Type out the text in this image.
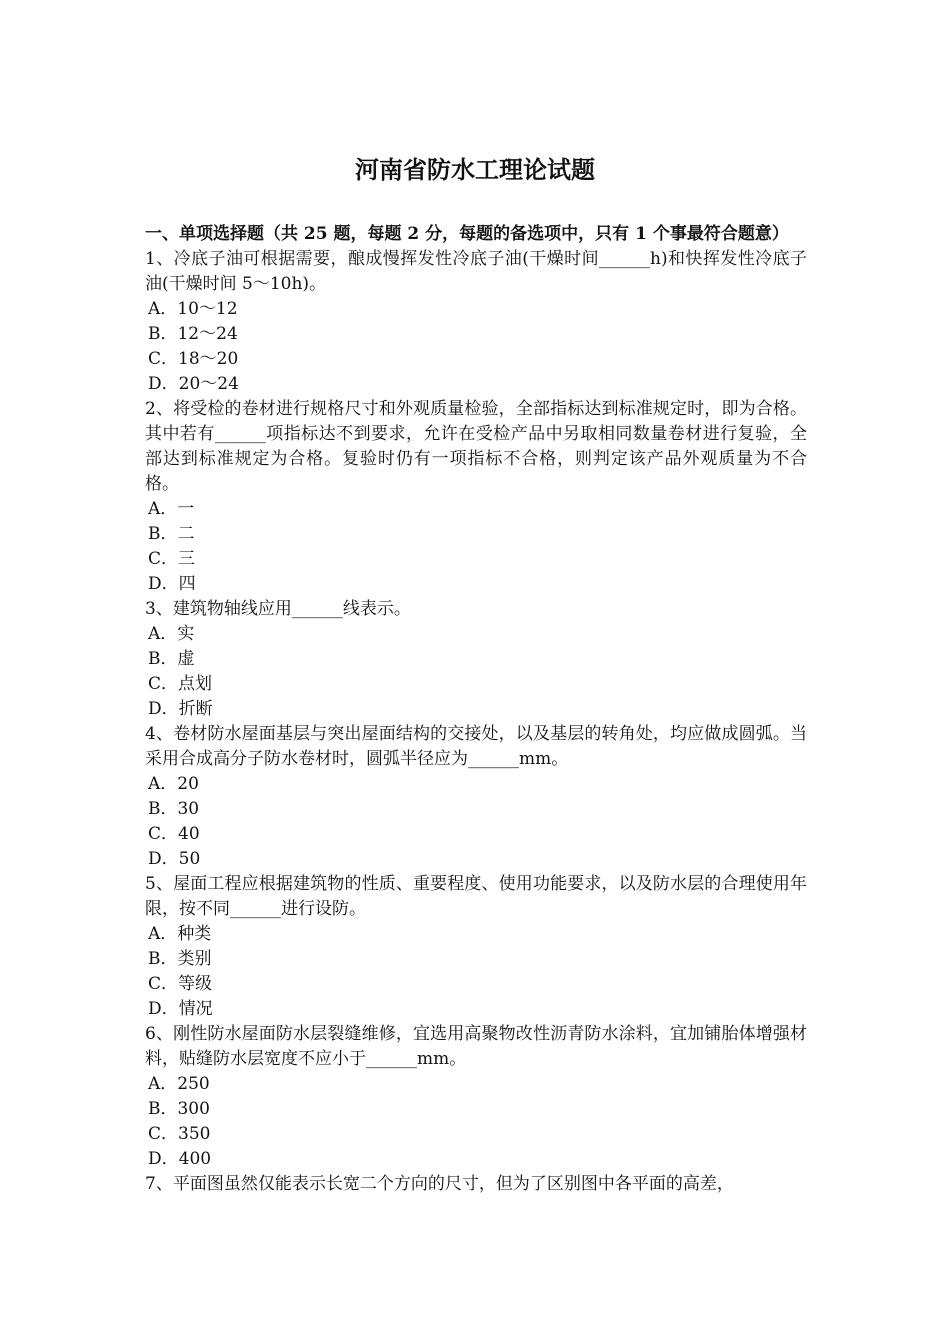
河南省防水工理论试题

一、单项选择题（共 25 题，每题 2 分，每题的备选项中，只有 1 个事最符合题意）

1、冷底子油可根据需要，酿成慢挥发性冷底子油(干燥时间______h)和快挥发性冷底子油(干燥时间 5～10h)。

A．10～12

B．12～24

C．18～20

D．20～24

2、将受检的卷材进行规格尺寸和外观质量检验，全部指标达到标准规定时，即为合格。其中若有______项指标达不到要求，允许在受检产品中另取相同数量卷材进行复验，全部达到标准规定为合格。复验时仍有一项指标不合格，则判定该产品外观质量为不合格。

A．一

B．二

C．三

D．四

3、建筑物轴线应用______线表示。

A．实

B．虚

C．点划

D．折断

4、卷材防水屋面基层与突出屋面结构的交接处，以及基层的转角处，均应做成圆弧。当采用合成高分子防水卷材时，圆弧半径应为______mm。

A．20

B．30

C．40

D．50

5、屋面工程应根据建筑物的性质、重要程度、使用功能要求，以及防水层的合理使用年限，按不同______进行设防。

A．种类

B．类别

C．等级

D．情况

6、刚性防水屋面防水层裂缝维修，宜选用高聚物改性沥青防水涂料，宜加铺胎体增强材料，贴缝防水层宽度不应小于______mm。

A．250

B．300

C．350

D．400

7、平面图虽然仅能表示长宽二个方向的尺寸，但为了区别图中各平面的高差，
